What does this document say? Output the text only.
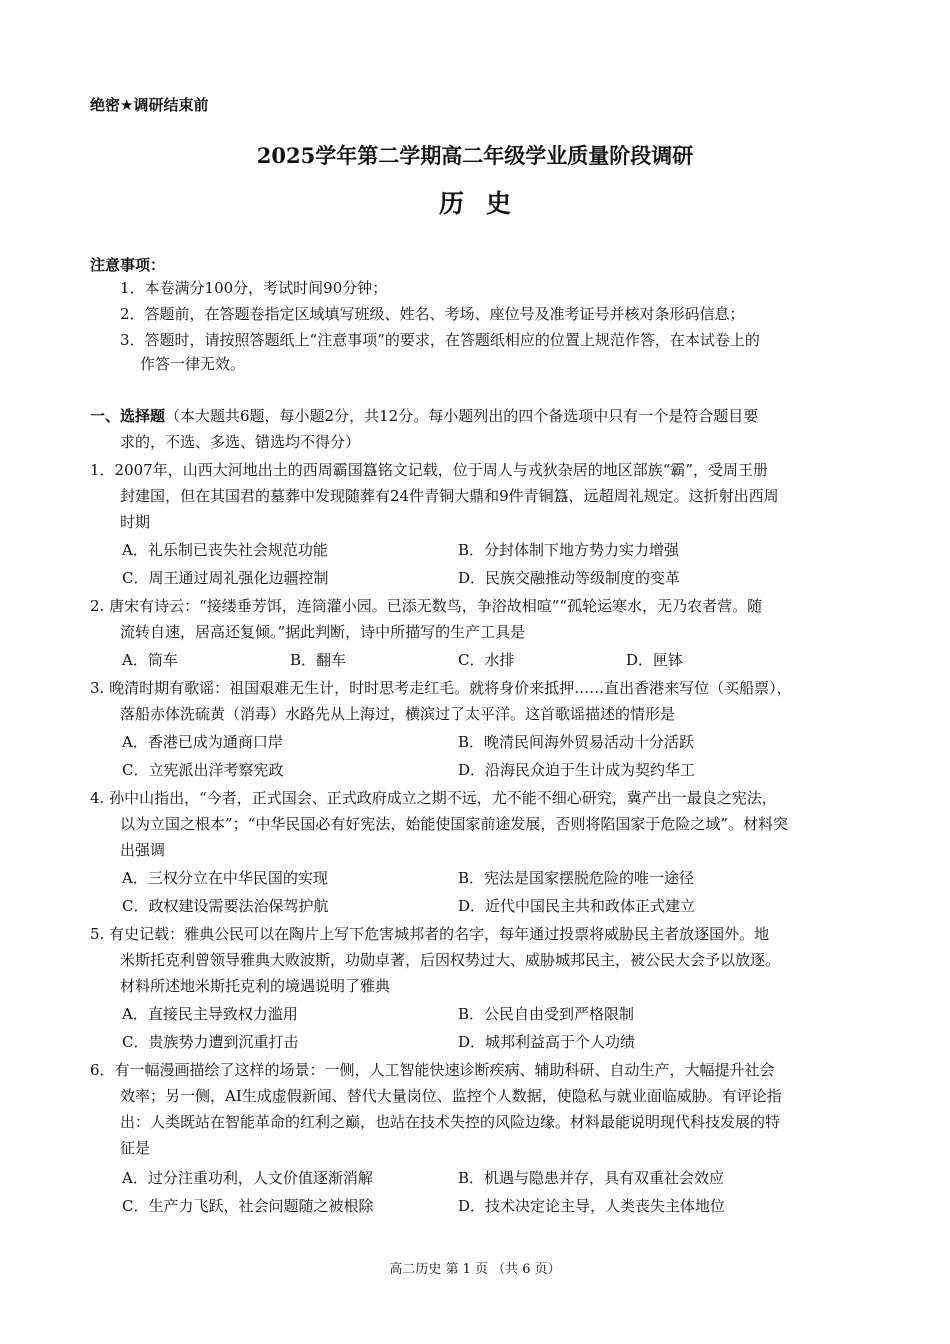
绝密★调研结束前
2025学年第二学期高二年级学业质量阶段调研
历史
注意事项：
1．本卷满分100分，考试时间90分钟；
2．答题前，在答题卷指定区域填写班级、姓名、考场、座位号及准考证号并核对条形码信息；
3．答题时，请按照答题纸上“注意事项”的要求，在答题纸相应的位置上规范作答，在本试卷上的
作答一律无效。
一、选择题（本大题共6题，每小题2分，共12分。每小题列出的四个备选项中只有一个是符合题目要
求的，不选、多选、错选均不得分）
1．2007年，山西大河地出土的西周霸国簋铭文记载，位于周人与戎狄杂居的地区部族“霸”，受周王册
封建国，但在其国君的墓葬中发现随葬有24件青铜大鼎和9件青铜簋，远超周礼规定。这折射出西周
时期
A．礼乐制已丧失社会规范功能	B．分封体制下地方势力实力增强
C．周王通过周礼强化边疆控制	D．民族交融推动等级制度的变革
2. 唐宋有诗云：“接缕垂芳饵，连筒灌小园。已添无数鸟，争浴故相喧”“孤轮运寒水，无乃农者营。随
流转自速，居高还复倾。”据此判断，诗中所描写的生产工具是
A．筒车	B．翻车	C．水排	D．匣钵
3. 晚清时期有歌谣：祖国艰难无生计，时时思考走红毛。就将身价来抵押……直出香港来写位（买船票），
落船赤体洗硫黄（消毒）水路先从上海过，横滨过了太平洋。这首歌谣描述的情形是
A．香港已成为通商口岸	B．晚清民间海外贸易活动十分活跃
C．立宪派出洋考察宪政	D．沿海民众迫于生计成为契约华工
4. 孙中山指出，“今者，正式国会、正式政府成立之期不远，尤不能不细心研究，冀产出一最良之宪法，
以为立国之根本”；“中华民国必有好宪法，始能使国家前途发展，否则将陷国家于危险之域”。材料突
出强调
A．三权分立在中华民国的实现	B．宪法是国家摆脱危险的唯一途径
C．政权建设需要法治保驾护航	D．近代中国民主共和政体正式建立
5. 有史记载：雅典公民可以在陶片上写下危害城邦者的名字，每年通过投票将威胁民主者放逐国外。地
米斯托克利曾领导雅典大败波斯，功勋卓著，后因权势过大、威胁城邦民主，被公民大会予以放逐。
材料所述地米斯托克利的境遇说明了雅典
A．直接民主导致权力滥用	B．公民自由受到严格限制
C．贵族势力遭到沉重打击	D．城邦利益高于个人功绩
6．有一幅漫画描绘了这样的场景：一侧，人工智能快速诊断疾病、辅助科研、自动生产，大幅提升社会
效率；另一侧，AI生成虚假新闻、替代大量岗位、监控个人数据，使隐私与就业面临威胁。有评论指
出：人类既站在智能革命的红利之巅，也站在技术失控的风险边缘。材料最能说明现代科技发展的特
征是
A．过分注重功利，人文价值逐渐消解	B．机遇与隐患并存，具有双重社会效应
C．生产力飞跃，社会问题随之被根除	D．技术决定论主导，人类丧失主体地位
高二历史 第 1 页 （共 6 页）
